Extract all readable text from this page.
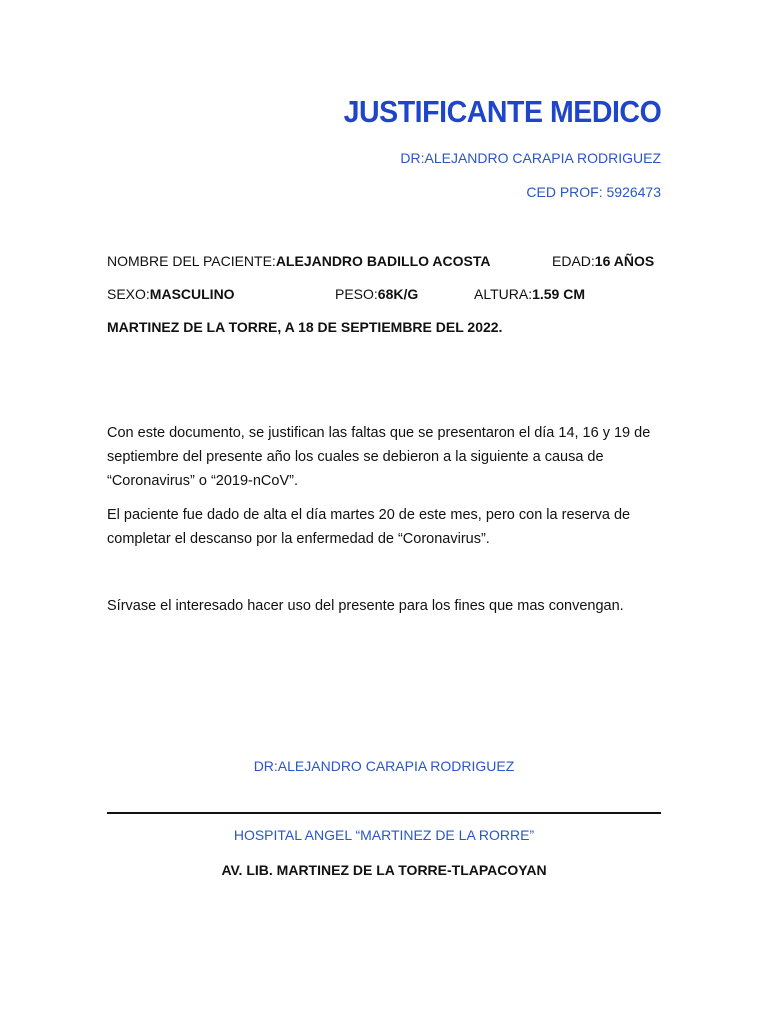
JUSTIFICANTE MEDICO
DR:ALEJANDRO CARAPIA RODRIGUEZ
CED PROF: 5926473
NOMBRE DEL PACIENTE:ALEJANDRO BADILLO ACOSTA	EDAD:16 AÑOS
SEXO:MASCULINO	PESO:68K/G	ALTURA:1.59 CM
MARTINEZ DE LA TORRE, A 18 DE SEPTIEMBRE DEL 2022.

Con este documento, se justifican las faltas que se presentaron el día 14, 16 y 19 de septiembre del presente año los cuales se debieron a la siguiente a causa de “Coronavirus” o “2019-nCoV”.

El paciente fue dado de alta el día martes 20 de este mes, pero con la reserva de completar el descanso por la enfermedad de “Coronavirus”.

Sírvase el interesado hacer uso del presente para los fines que mas convengan.

DR:ALEJANDRO CARAPIA RODRIGUEZ
HOSPITAL ANGEL “MARTINEZ DE LA RORRE”
AV. LIB. MARTINEZ DE LA TORRE-TLAPACOYAN
